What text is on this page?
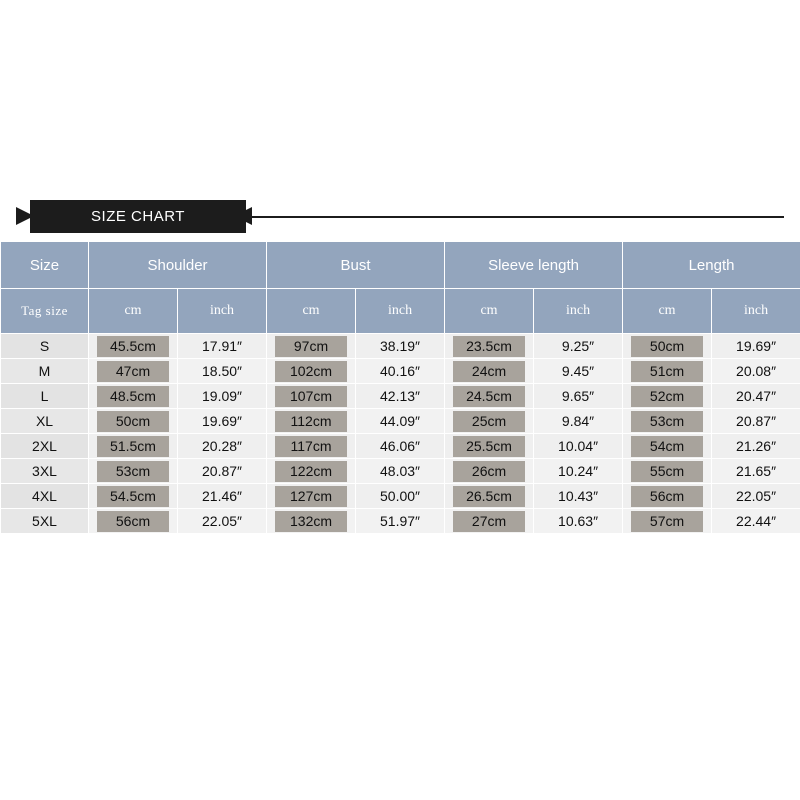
SIZE CHART
Size	Shoulder		Bust		Sleeve length		Length	
Tag size	cm	inch	cm	inch	cm	inch	cm	inch
S	45.5cm	17.91″	97cm	38.19″	23.5cm	9.25″	50cm	19.69″
M	47cm	18.50″	102cm	40.16″	24cm	9.45″	51cm	20.08″
L	48.5cm	19.09″	107cm	42.13″	24.5cm	9.65″	52cm	20.47″
XL	50cm	19.69″	112cm	44.09″	25cm	9.84″	53cm	20.87″
2XL	51.5cm	20.28″	117cm	46.06″	25.5cm	10.04″	54cm	21.26″
3XL	53cm	20.87″	122cm	48.03″	26cm	10.24″	55cm	21.65″
4XL	54.5cm	21.46″	127cm	50.00″	26.5cm	10.43″	56cm	22.05″
5XL	56cm	22.05″	132cm	51.97″	27cm	10.63″	57cm	22.44″
